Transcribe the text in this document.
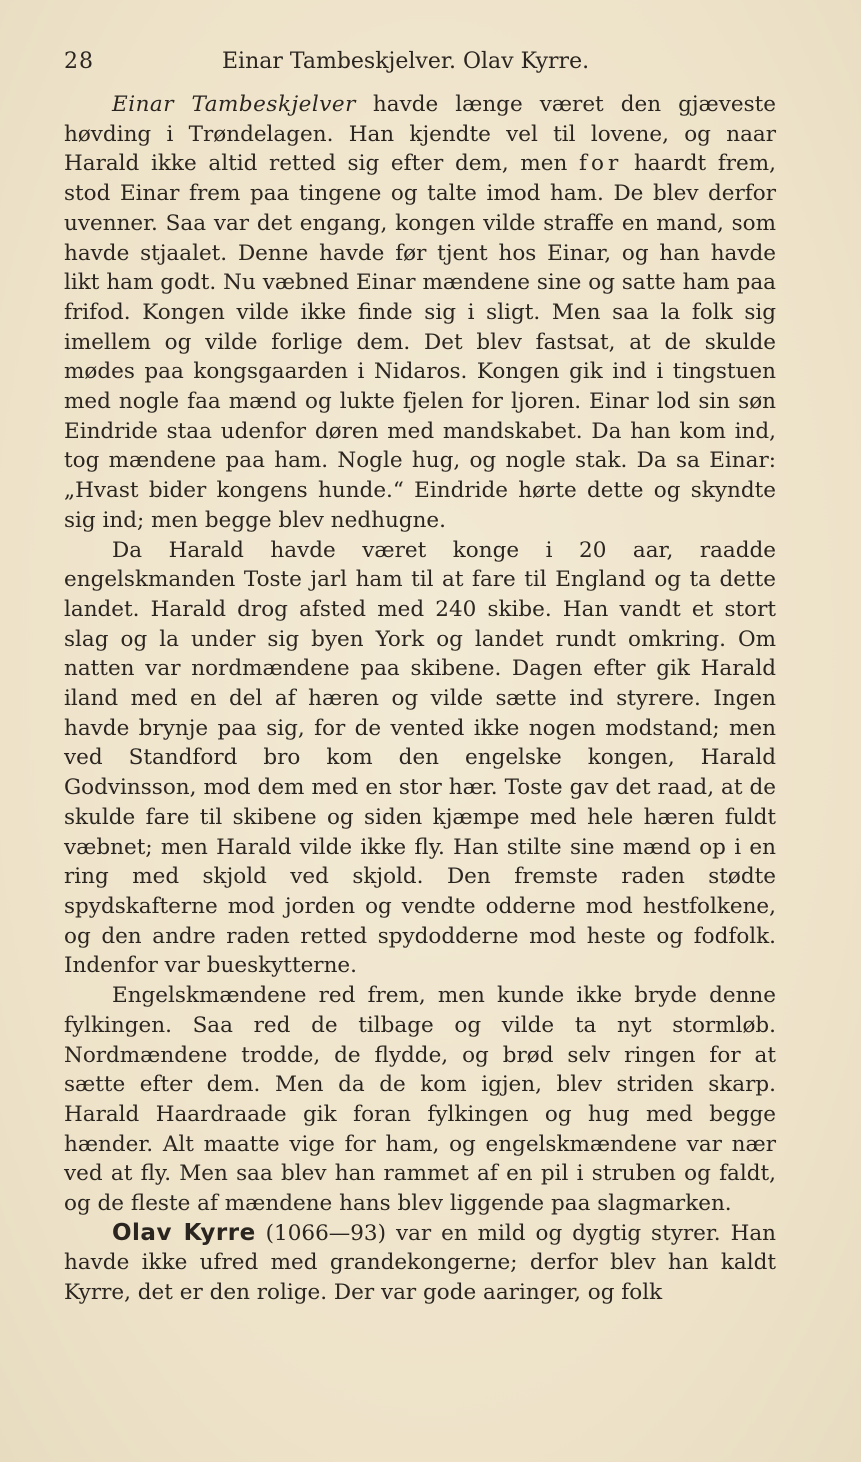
28	Einar Tambeskjelver. Olav Kyrre.

Einar Tambeskjelver havde længe været den gjæveste høvding i Trøndelagen. Han kjendte vel til lovene, og naar Harald ikke altid retted sig efter dem, men for haardt frem, stod Einar frem paa tingene og talte imod ham. De blev derfor uvenner. Saa var det engang, kongen vilde straffe en mand, som havde stjaalet. Denne havde før tjent hos Einar, og han havde likt ham godt. Nu væbned Einar mændene sine og satte ham paa frifod. Kongen vilde ikke finde sig i sligt. Men saa la folk sig imellem og vilde forlige dem. Det blev fastsat, at de skulde mødes paa kongsgaarden i Nidaros. Kongen gik ind i tingstuen med nogle faa mænd og lukte fjelen for ljoren. Einar lod sin søn Eindride staa udenfor døren med mandskabet. Da han kom ind, tog mændene paa ham. Nogle hug, og nogle stak. Da sa Einar: „Hvast bider kongens hunde.“ Eindride hørte dette og skyndte sig ind; men begge blev nedhugne.

Da Harald havde været konge i 20 aar, raadde engelskmanden Toste jarl ham til at fare til England og ta dette landet. Harald drog afsted med 240 skibe. Han vandt et stort slag og la under sig byen York og landet rundt omkring. Om natten var nordmændene paa skibene. Dagen efter gik Harald iland med en del af hæren og vilde sætte ind styrere. Ingen havde brynje paa sig, for de vented ikke nogen modstand; men ved Standford bro kom den engelske kongen, Harald Godvinsson, mod dem med en stor hær. Toste gav det raad, at de skulde fare til skibene og siden kjæmpe med hele hæren fuldt væbnet; men Harald vilde ikke fly. Han stilte sine mænd op i en ring med skjold ved skjold. Den fremste raden stødte spydskafterne mod jorden og vendte odderne mod hestfolkene, og den andre raden retted spydodderne mod heste og fodfolk. Indenfor var bueskytterne.

Engelskmændene red frem, men kunde ikke bryde denne fylkingen. Saa red de tilbage og vilde ta nyt stormløb. Nordmændene trodde, de flydde, og brød selv ringen for at sætte efter dem. Men da de kom igjen, blev striden skarp. Harald Haardraade gik foran fylkingen og hug med begge hænder. Alt maatte vige for ham, og engelskmændene var nær ved at fly. Men saa blev han rammet af en pil i struben og faldt, og de fleste af mændene hans blev liggende paa slagmarken.

Olav Kyrre (1066—93) var en mild og dygtig styrer. Han havde ikke ufred med grandekongerne; derfor blev han kaldt Kyrre, det er den rolige. Der var gode aaringer, og folk
